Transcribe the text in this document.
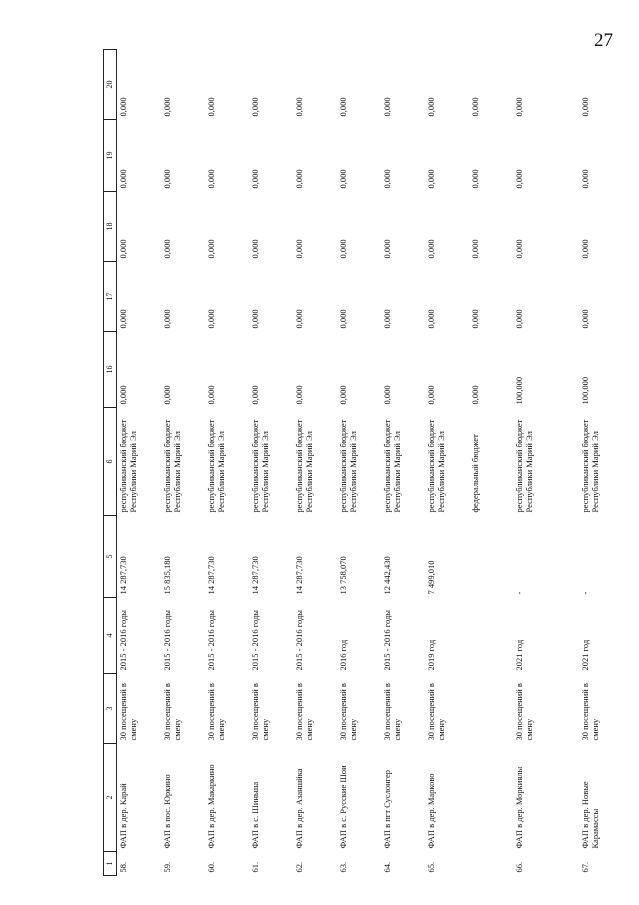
27
1	2	3	4	5	6	16	17	18	19	20
58.	ФАП в дер. Карай	30 посещений в смену	2015 - 2016 годы	14 287,730	республиканский бюджет Республики Марий Эл	0,000	0,000	0,000	0,000	0,000
59.	ФАП в пос. Юркино	30 посещений в смену	2015 - 2016 годы	15 835,180	республиканский бюджет Республики Марий Эл	0,000	0,000	0,000	0,000	0,000
60.	ФАП в дер. Макаркино	30 посещений в смену	2015 - 2016 годы	14 287,730	республиканский бюджет Республики Марий Эл	0,000	0,000	0,000	0,000	0,000
61.	ФАП в с. Шиньша	30 посещений в смену	2015 - 2016 годы	14 287,730	республиканский бюджет Республики Марий Эл	0,000	0,000	0,000	0,000	0,000
62.	ФАП в дер. Азаншйка	30 посещений в смену	2015 - 2016 годы	14 287,730	республиканский бюджет Республики Марий Эл	0,000	0,000	0,000	0,000	0,000
63.	ФАП в с. Русские Шои	30 посещений в смену	2016 год	13 758,070	республиканский бюджет Республики Марий Эл	0,000	0,000	0,000	0,000	0,000
64.	ФАП в пгт Суслонгер	30 посещений в смену	2015 - 2016 годы	12 442,430	республиканский бюджет Республики Марий Эл	0,000	0,000	0,000	0,000	0,000
65.	ФАП в дер. Марково	30 посещений в смену	2019 год	7 499,010	республиканский бюджет Республики Марий Эл	0,000	0,000	0,000	0,000	0,000
					федеральный бюджет	0,000	0,000	0,000	0,000	0,000
66.	ФАП в дер. Моркиялы	30 посещений в смену	2021 год	-	республиканский бюджет Республики Марий Эл	100,000	0,000	0,000	0,000	0,000
67.	ФАП в дер. Новые Карамассы	30 посещений в смену	2021 год	-	республиканский бюджет Республики Марий Эл	100,000	0,000	0,000	0,000	0,000
